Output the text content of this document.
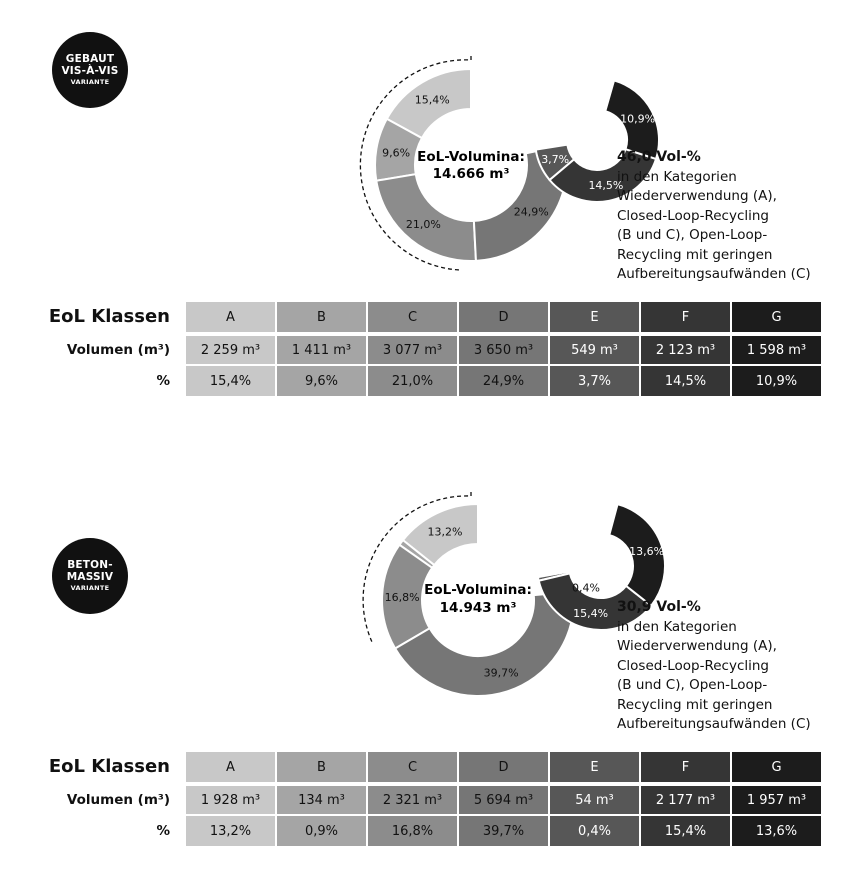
GEBAUT
VIS-À-VIS
VARIANTE
15,4%
9,6%
21,0%
24,9%
3,7%
14,5%
10,9%
EoL-Volumina:
14.666 m³
46,0 Vol-%
in den Kategorien
Wiederverwendung (A),
Closed-Loop-Recycling
(B und C), Open-Loop-
Recycling mit geringen
Aufbereitungsaufwänden (C)
EoL Klassen
Volumen (m³)
%
A
2 259 m³
15,4%
B
1 411 m³
9,6%
C
3 077 m³
21,0%
D
3 650 m³
24,9%
E
549 m³
3,7%
F
2 123 m³
14,5%
G
1 598 m³
10,9%
BETON-
MASSIV
VARIANTE
13,2%
16,8%
39,7%
0,4%
15,4%
13,6%
EoL-Volumina:
14.943 m³	30,9 Vol-%
in den Kategorien
Wiederverwendung (A),
Closed-Loop-Recycling
(B und C), Open-Loop-
Recycling mit geringen
Aufbereitungsaufwänden (C)
EoL Klassen
Volumen (m³)
%
A
1 928 m³
13,2%
B
134 m³
0,9%
C
2 321 m³
16,8%
D
5 694 m³
39,7%
E
54 m³
0,4%
F
2 177 m³
15,4%
G
1 957 m³
13,6%
